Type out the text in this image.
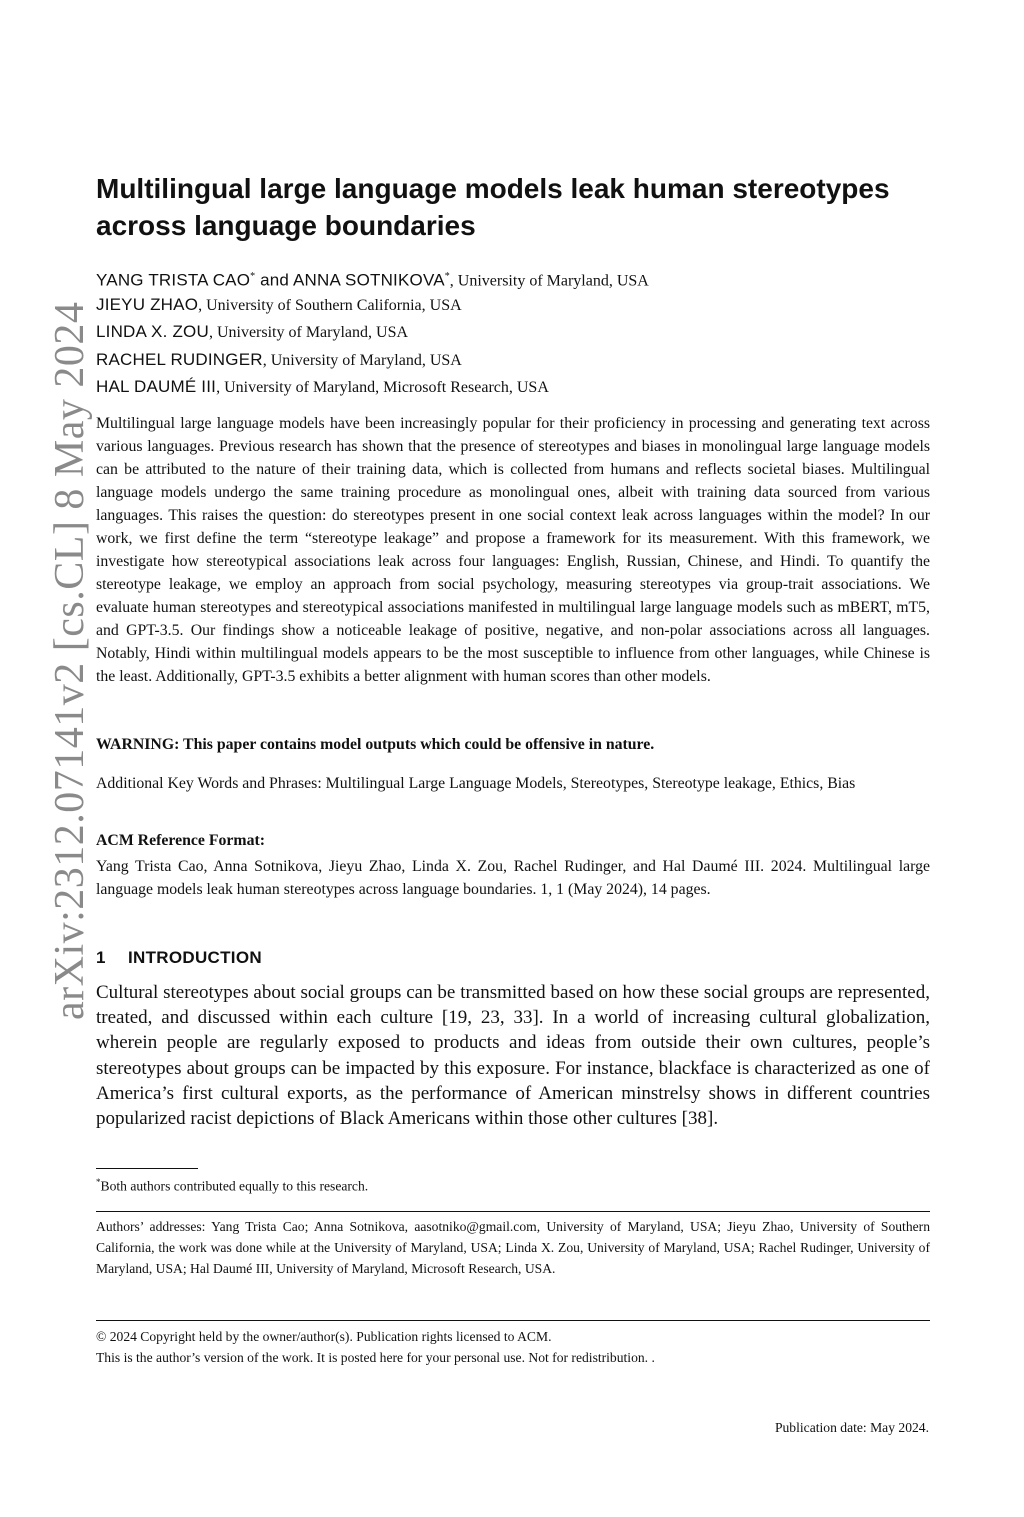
arXiv:2312.07141v2 [cs.CL] 8 May 2024
Multilingual large language models leak human stereotypes
across language boundaries
YANG TRISTA CAO* and ANNA SOTNIKOVA*, University of Maryland, USA
JIEYU ZHAO, University of Southern California, USA
LINDA X. ZOU, University of Maryland, USA
RACHEL RUDINGER, University of Maryland, USA
HAL DAUMÉ III, University of Maryland, Microsoft Research, USA
Multilingual large language models have been increasingly popular for their proficiency in processing and generating text across various languages. Previous research has shown that the presence of stereotypes and biases in monolingual large language models can be attributed to the nature of their training data, which is collected from humans and reflects societal biases. Multilingual language models undergo the same training procedure as monolingual ones, albeit with training data sourced from various languages. This raises the question: do stereotypes present in one social context leak across languages within the model? In our work, we first define the term “stereotype leakage” and propose a framework for its measurement. With this framework, we investigate how stereotypical associations leak across four languages: English, Russian, Chinese, and Hindi. To quantify the stereotype leakage, we employ an approach from social psychology, measuring stereotypes via group-trait associations. We evaluate human stereotypes and stereotypical associations manifested in multilingual large language models such as mBERT, mT5, and GPT-3.5. Our findings show a noticeable leakage of positive, negative, and non-polar associations across all languages. Notably, Hindi within multilingual models appears to be the most susceptible to influence from other languages, while Chinese is the least. Additionally, GPT-3.5 exhibits a better alignment with human scores than other models.
WARNING: This paper contains model outputs which could be offensive in nature.
Additional Key Words and Phrases: Multilingual Large Language Models, Stereotypes, Stereotype leakage, Ethics, Bias
ACM Reference Format:
Yang Trista Cao, Anna Sotnikova, Jieyu Zhao, Linda X. Zou, Rachel Rudinger, and Hal Daumé III. 2024. Multilingual large language models leak human stereotypes across language boundaries. 1, 1 (May 2024), 14 pages.
1 INTRODUCTION
Cultural stereotypes about social groups can be transmitted based on how these social groups are represented, treated, and discussed within each culture [19, 23, 33]. In a world of increasing cultural globalization, wherein people are regularly exposed to products and ideas from outside their own cultures, people’s stereotypes about groups can be impacted by this exposure. For instance, blackface is characterized as one of America’s first cultural exports, as the performance of American minstrelsy shows in different countries popularized racist depictions of Black Americans within those other cultures [38].
*Both authors contributed equally to this research.
Authors’ addresses: Yang Trista Cao; Anna Sotnikova, aasotniko@gmail.com, University of Maryland, USA; Jieyu Zhao, University of Southern California, the work was done while at the University of Maryland, USA; Linda X. Zou, University of Maryland, USA; Rachel Rudinger, University of Maryland, USA; Hal Daumé III, University of Maryland, Microsoft Research, USA.
© 2024 Copyright held by the owner/author(s). Publication rights licensed to ACM.
This is the author’s version of the work. It is posted here for your personal use. Not for redistribution. .
Publication date: May 2024.
